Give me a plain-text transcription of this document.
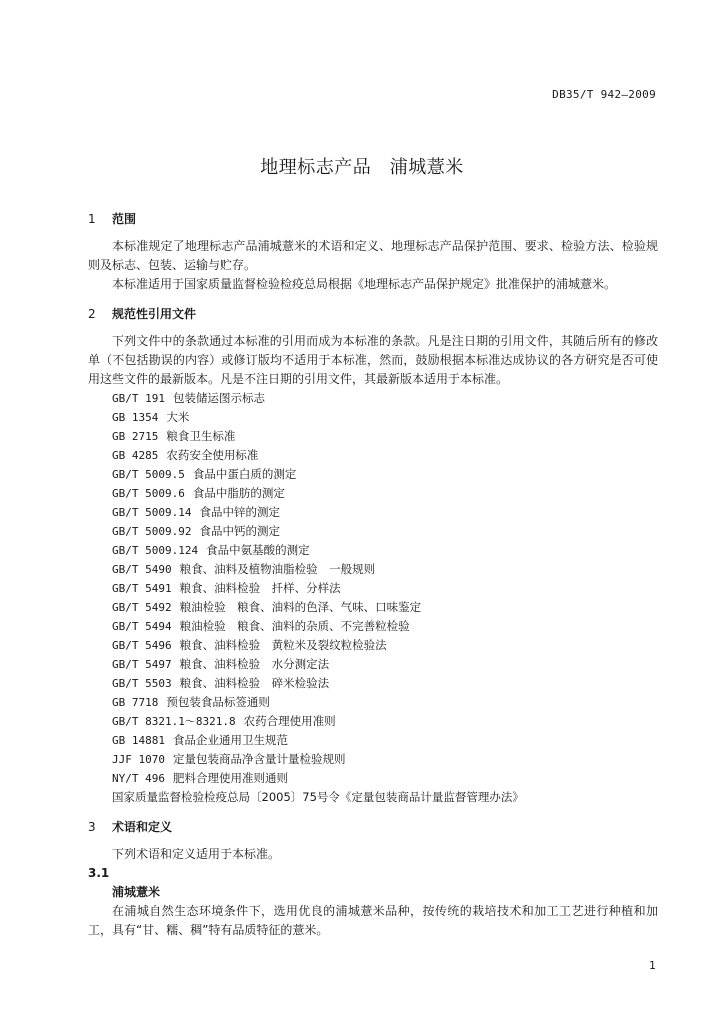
DB35/T 942—2009
地理标志产品　浦城薏米
1	范围

本标准规定了地理标志产品浦城薏米的术语和定义、地理标志产品保护范围、要求、检验方法、检验规则及标志、包装、运输与贮存。

本标准适用于国家质量监督检验检疫总局根据《地理标志产品保护规定》批准保护的浦城薏米。

2	规范性引用文件

下列文件中的条款通过本标准的引用而成为本标准的条款。凡是注日期的引用文件，其随后所有的修改单（不包括勘误的内容）或修订版均不适用于本标准，然而，鼓励根据本标准达成协议的各方研究是否可使用这些文件的最新版本。凡是不注日期的引用文件，其最新版本适用于本标准。

GB/T 191 包装储运图示标志
GB 1354 大米
GB 2715 粮食卫生标准
GB 4285 农药安全使用标准
GB/T 5009.5 食品中蛋白质的测定
GB/T 5009.6 食品中脂肪的测定
GB/T 5009.14 食品中锌的测定
GB/T 5009.92 食品中钙的测定
GB/T 5009.124 食品中氨基酸的测定
GB/T 5490 粮食、油料及植物油脂检验　一般规则
GB/T 5491 粮食、油料检验　扦样、分样法
GB/T 5492 粮油检验　粮食、油料的色泽、气味、口味鉴定
GB/T 5494 粮油检验　粮食、油料的杂质、不完善粒检验
GB/T 5496 粮食、油料检验　黄粒米及裂纹粒检验法
GB/T 5497 粮食、油料检验　水分测定法
GB/T 5503 粮食、油料检验　碎米检验法
GB 7718 预包装食品标签通则
GB/T 8321.1～8321.8 农药合理使用准则
GB 14881 食品企业通用卫生规范
JJF 1070 定量包装商品净含量计量检验规则
NY/T 496 肥料合理使用准则通则
国家质量监督检验检疫总局〔2005〕75号令《定量包装商品计量监督管理办法》
3	术语和定义

下列术语和定义适用于本标准。

3.1
浦城薏米

在浦城自然生态环境条件下，选用优良的浦城薏米品种，按传统的栽培技术和加工工艺进行种植和加工，具有“甘、糯、稠”特有品质特征的薏米。

1
